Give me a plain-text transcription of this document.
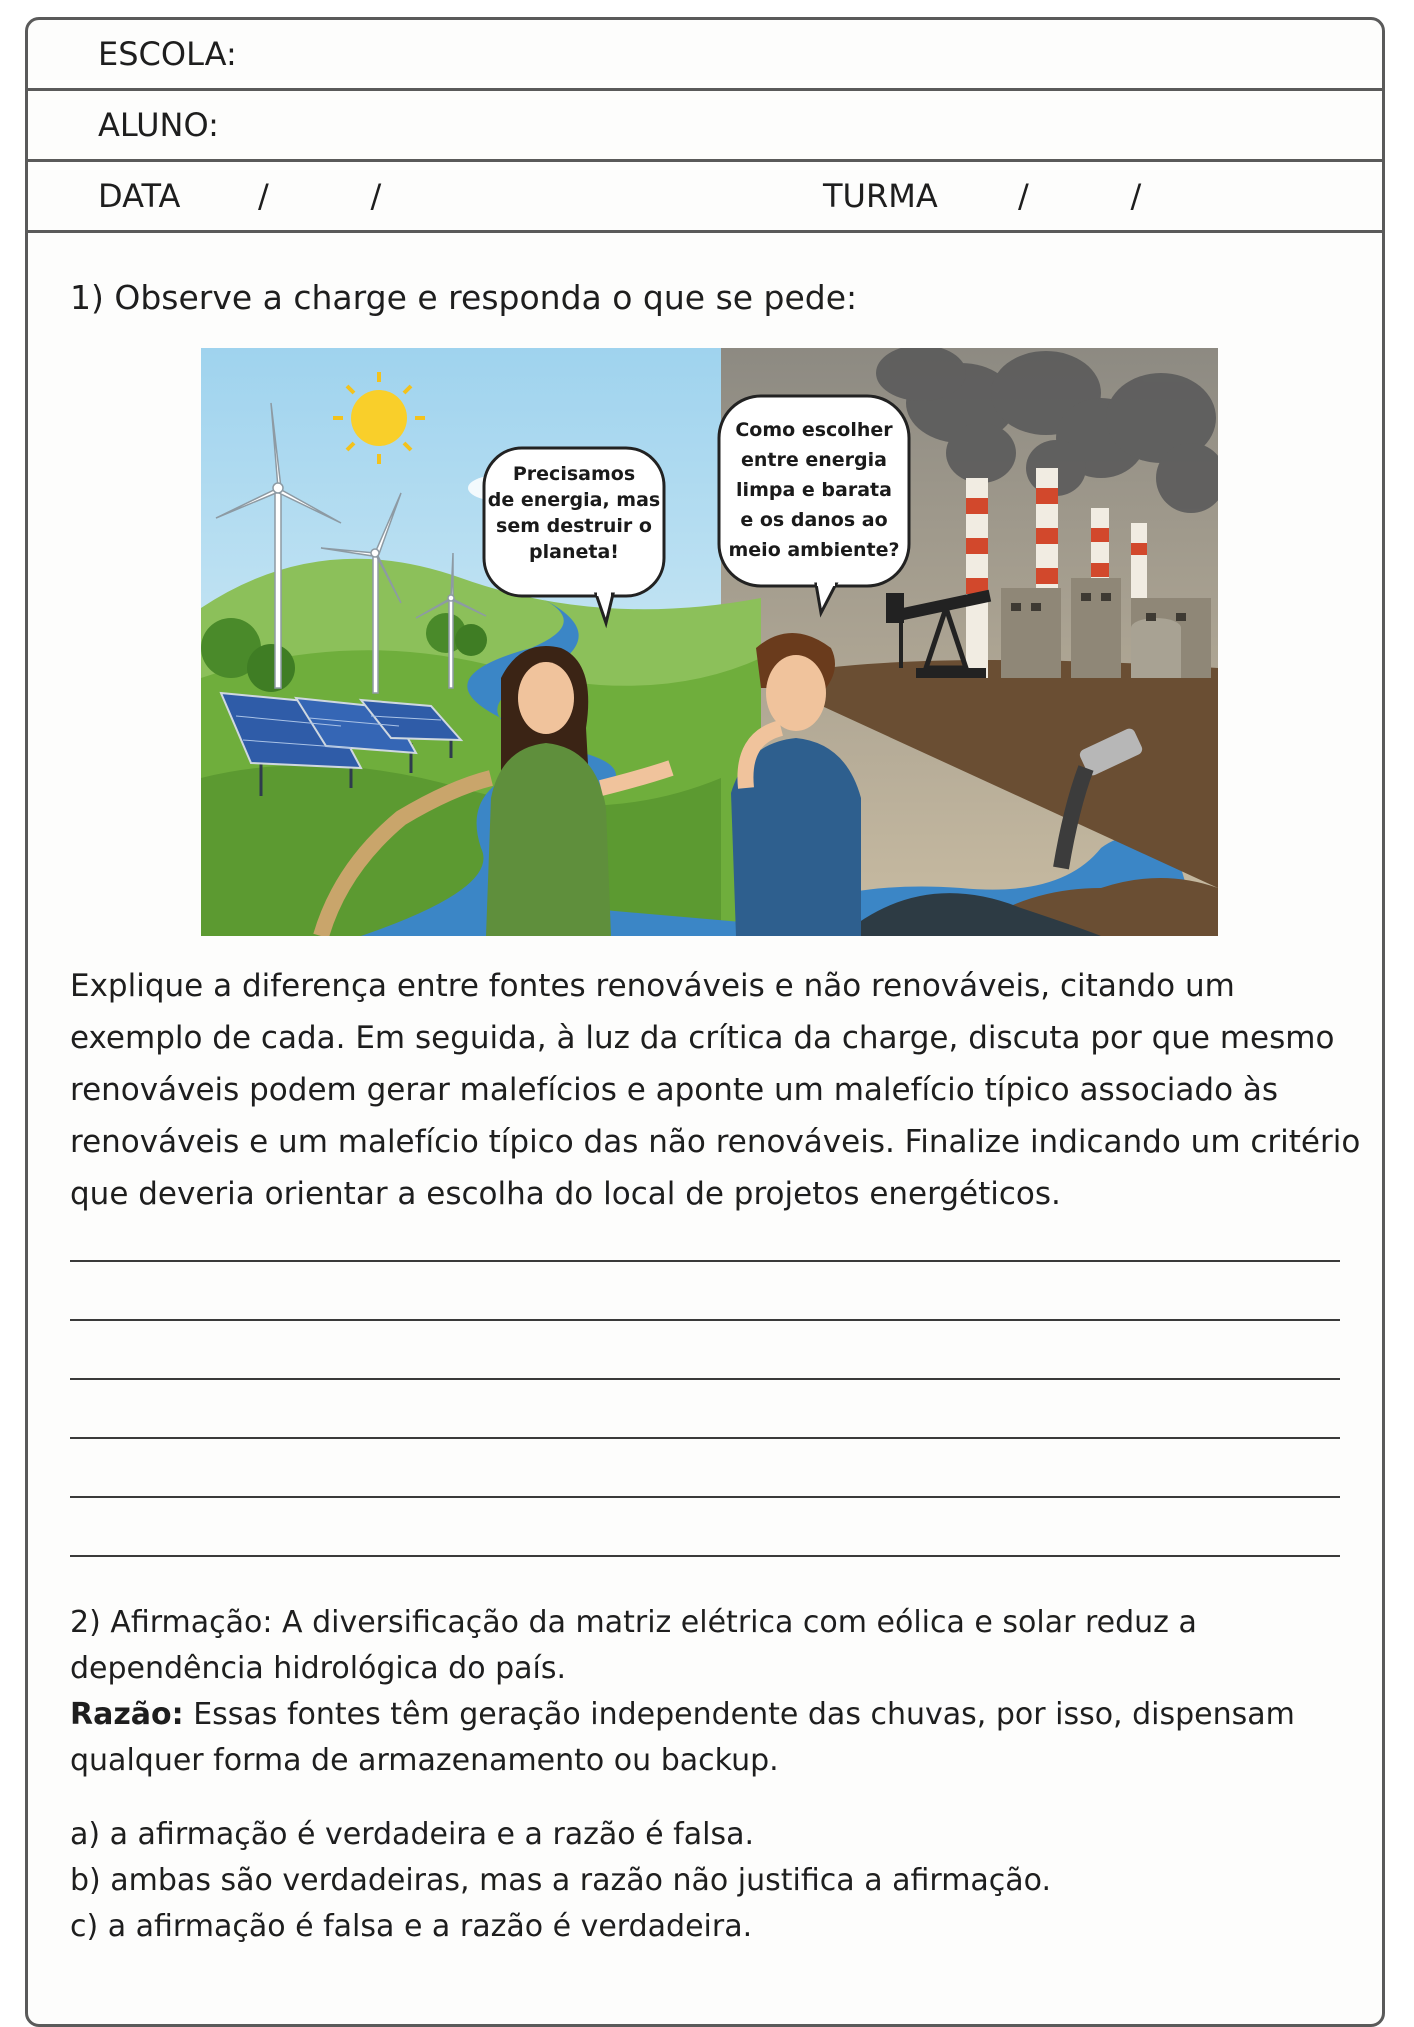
ESCOLA:
ALUNO:
DATA /          /	TURMA	/          /
1) Observe a charge e responda o que se pede:
Precisamos
de energia, mas
sem destruir o
planeta!
Como escolher
entre energia
limpa e barata
e os danos ao
meio ambiente?
Explique a diferença entre fontes renováveis e não renováveis, citando um
exemplo de cada. Em seguida, à luz da crítica da charge, discuta por que mesmo
renováveis podem gerar malefícios e aponte um malefício típico associado às
renováveis e um malefício típico das não renováveis. Finalize indicando um critério
que deveria orientar a escolha do local de projetos energéticos.
2) Afirmação: A diversificação da matriz elétrica com eólica e solar reduz a
dependência hidrológica do país.
Razão: Essas fontes têm geração independente das chuvas, por isso, dispensam
qualquer forma de armazenamento ou backup.
a) a afirmação é verdadeira e a razão é falsa.
b) ambas são verdadeiras, mas a razão não justifica a afirmação.
c) a afirmação é falsa e a razão é verdadeira.
